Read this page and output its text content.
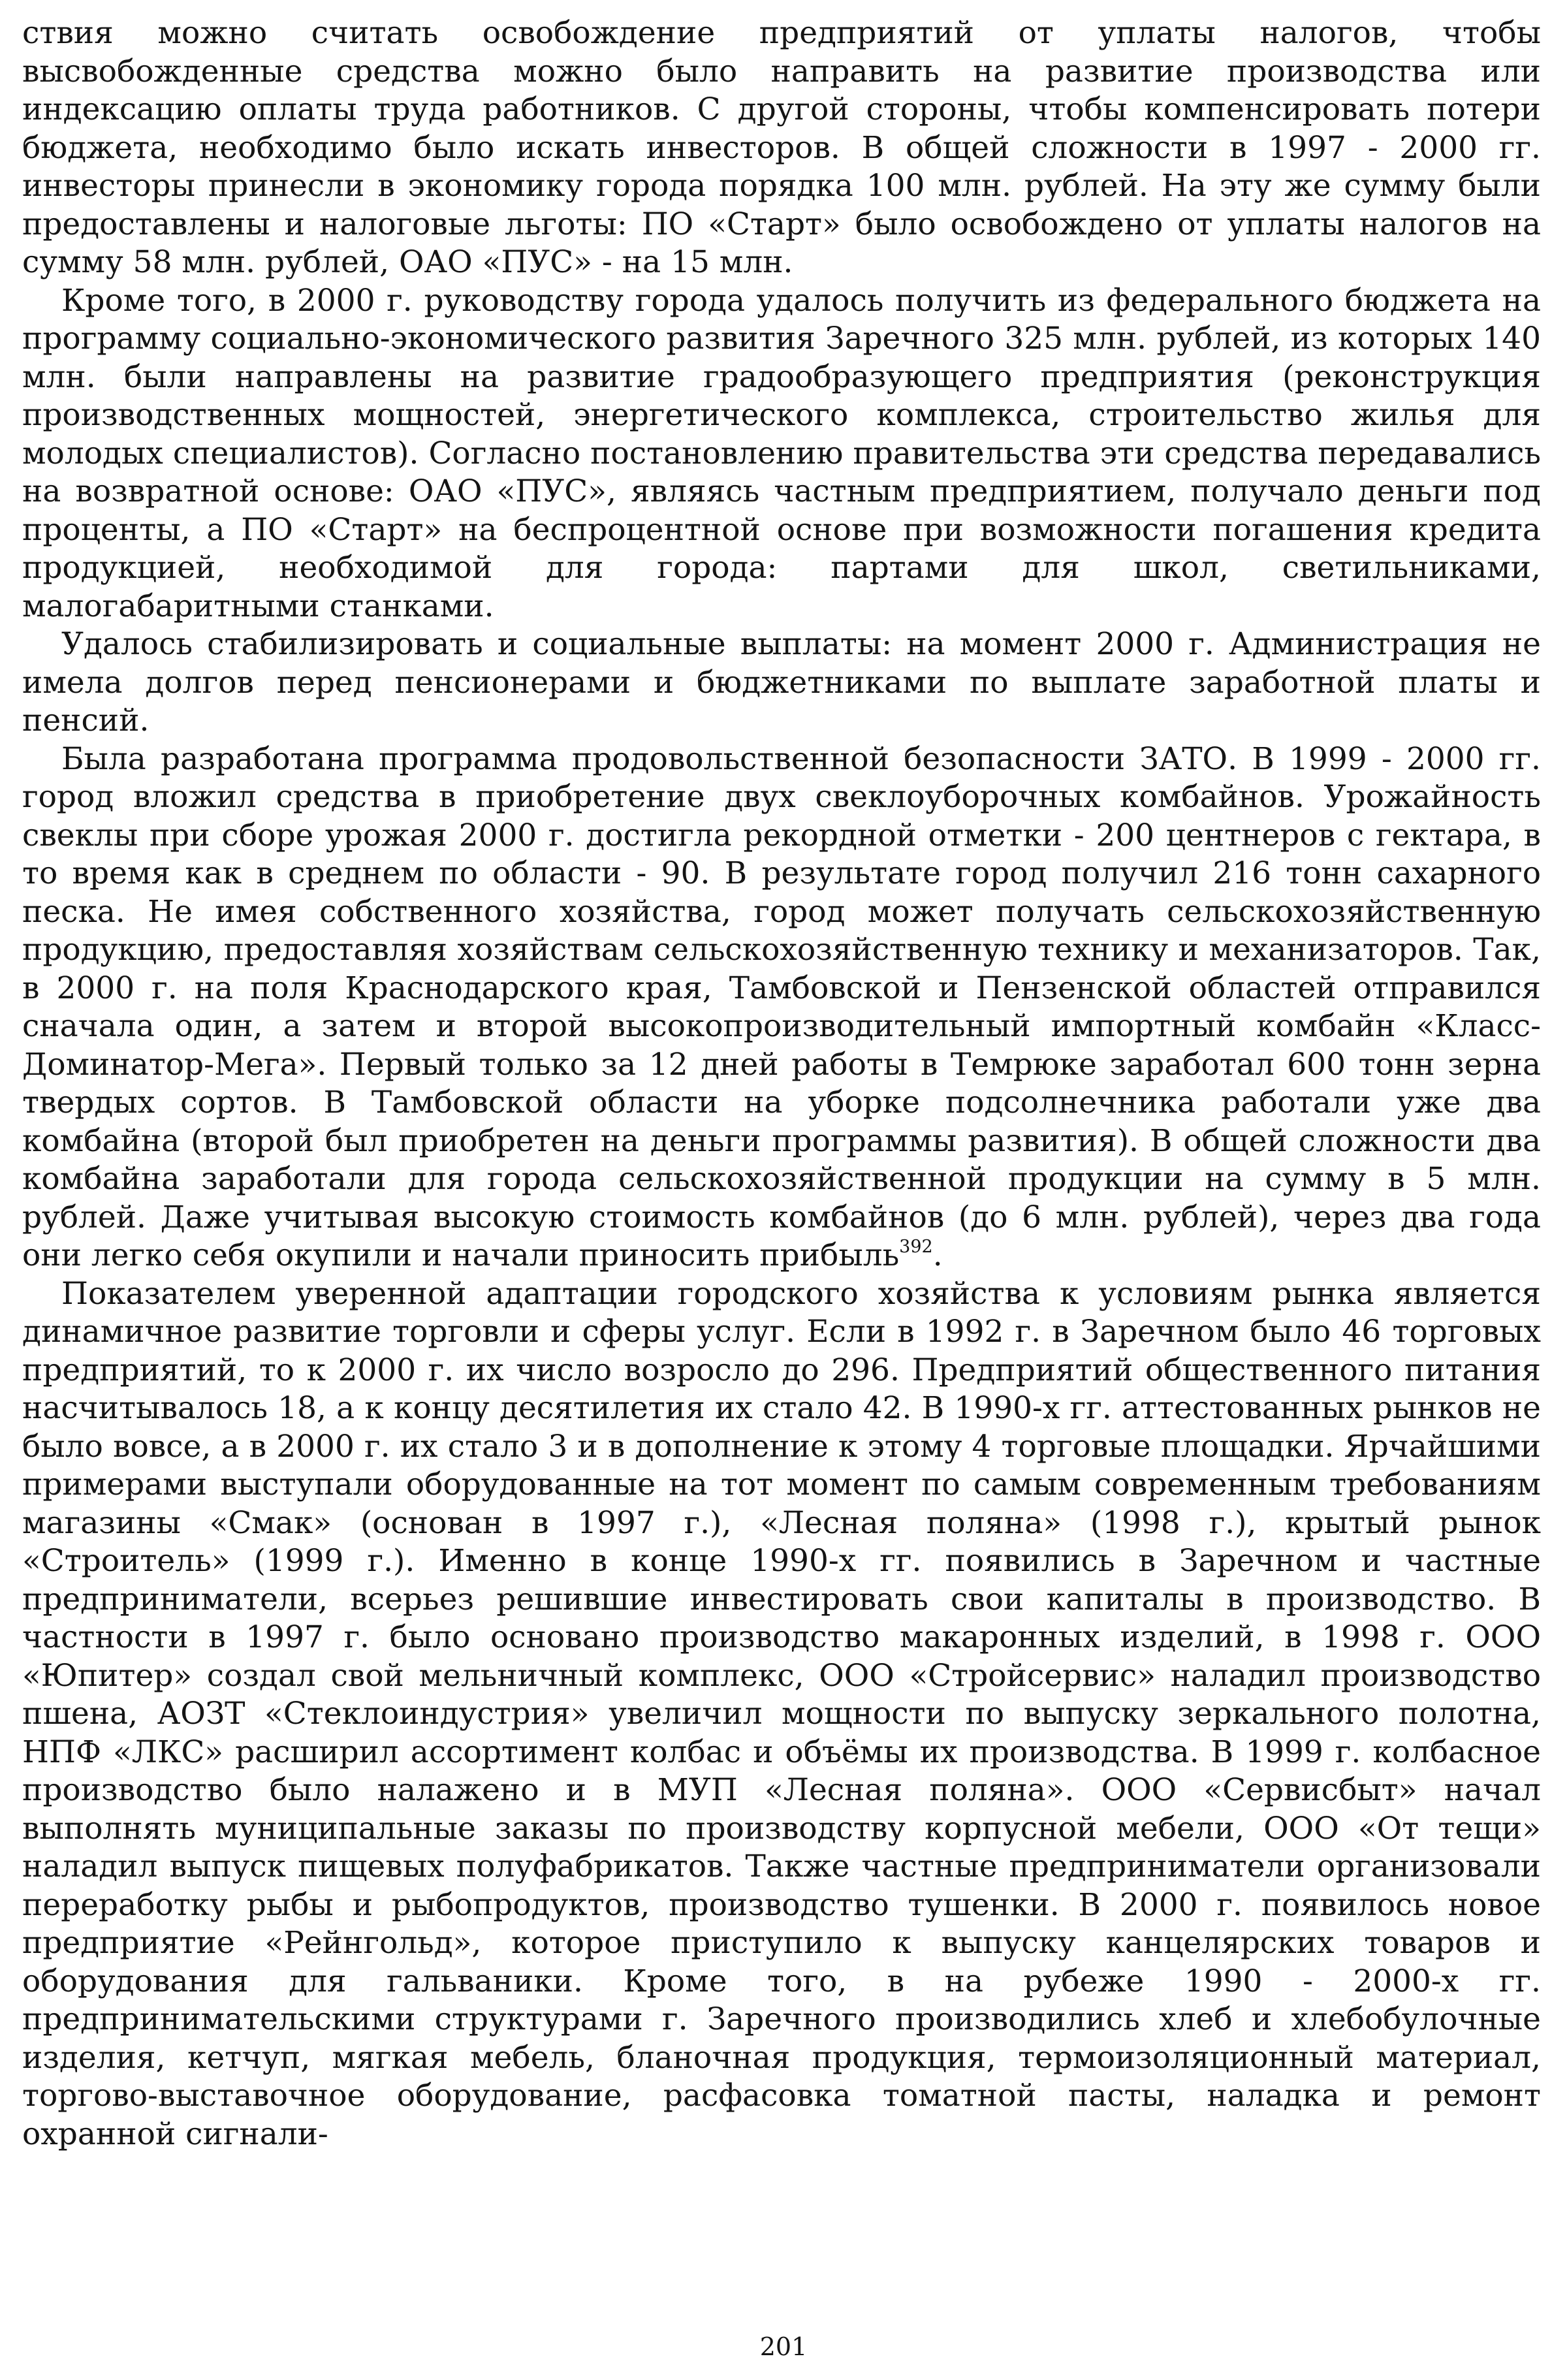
ствия можно считать освобождение предприятий от уплаты налогов, чтобы высвобожденные средства можно было направить на развитие производства или индексацию оплаты труда работников. С другой стороны, чтобы компенсировать потери бюджета, необходимо было искать инвесторов. В общей сложности в 1997 - 2000 гг. инвесторы принесли в экономику города порядка 100 млн. рублей. На эту же сумму были предоставлены и налоговые льготы: ПО «Старт» было освобождено от уплаты налогов на сумму 58 млн. рублей, ОАО «ПУС» - на 15 млн.

Кроме того, в 2000 г. руководству города удалось получить из федерального бюджета на программу социально-экономического развития Заречного 325 млн. рублей, из которых 140 млн. были направлены на развитие градообразующего предприятия (реконструкция производственных мощностей, энергетического комплекса, строительство жилья для молодых специалистов). Согласно постановлению правительства эти средства передавались на возвратной основе: ОАО «ПУС», являясь частным предприятием, получало деньги под проценты, а ПО «Старт» на беспроцентной основе при возможности погашения кредита продукцией, необходимой для города: партами для школ, светильниками, малогабаритными станками.

Удалось стабилизировать и социальные выплаты: на момент 2000 г. Администрация не имела долгов перед пенсионерами и бюджетниками по выплате заработной платы и пенсий.

Была разработана программа продовольственной безопасности ЗАТО. В 1999 - 2000 гг. город вложил средства в приобретение двух свеклоуборочных комбайнов. Урожайность свеклы при сборе урожая 2000 г. достигла рекордной отметки - 200 центнеров с гектара, в то время как в среднем по области - 90. В результате город получил 216 тонн сахарного песка. Не имея собственного хозяйства, город может получать сельскохозяйственную продукцию, предоставляя хозяйствам сельскохозяйственную технику и механизаторов. Так, в 2000 г. на поля Краснодарского края, Тамбовской и Пензенской областей отправился сначала один, а затем и второй высокопроизводительный импортный комбайн «Класс-Доминатор-Мега». Первый только за 12 дней работы в Темрюке заработал 600 тонн зерна твердых сортов. В Тамбовской области на уборке подсолнечника работали уже два комбайна (второй был приобретен на деньги программы развития). В общей сложности два комбайна заработали для города сельскохозяйственной продукции на сумму в 5 млн. рублей. Даже учитывая высокую стоимость комбайнов (до 6 млн. рублей), через два года они легко себя окупили и начали приносить прибыль$^{392}$.

Показателем уверенной адаптации городского хозяйства к условиям рынка является динамичное развитие торговли и сферы услуг. Если в 1992 г. в Заречном было 46 торговых предприятий, то к 2000 г. их число возросло до 296. Предприятий общественного питания насчитывалось 18, а к концу десятилетия их стало 42. В 1990-х гг. аттестованных рынков не было вовсе, а в 2000 г. их стало 3 и в дополнение к этому 4 торговые площадки. Ярчайшими примерами выступали оборудованные на тот момент по самым современным требованиям магазины «Смак» (основан в 1997 г.), «Лесная поляна» (1998 г.), крытый рынок «Строитель» (1999 г.). Именно в конце 1990-х гг. появились в Заречном и частные предприниматели, всерьез решившие инвестировать свои капиталы в производство. В частности в 1997 г. было основано производство макаронных изделий, в 1998 г. ООО «Юпитер» создал свой мельничный комплекс, ООО «Стройсервис» наладил производство пшена, АОЗТ «Стеклоиндустрия» увеличил мощности по выпуску зеркального полотна, НПФ «ЛКС» расширил ассортимент колбас и объёмы их производства. В 1999 г. колбасное производство было налажено и в МУП «Лесная поляна». ООО «Сервисбыт» начал выполнять муниципальные заказы по производству корпусной мебели, ООО «От тещи» наладил выпуск пищевых полуфабрикатов. Также частные предприниматели организовали переработку рыбы и рыбопродуктов, производство тушенки. В 2000 г. появилось новое предприятие «Рейнгольд», которое приступило к выпуску канцелярских товаров и оборудования для гальваники. Кроме того, в на рубеже 1990 - 2000-х гг. предпринимательскими структурами г. Заречного производились хлеб и хлебобулочные изделия, кетчуп, мягкая мебель, бланочная продукция, термоизоляционный материал, торгово-выставочное оборудование, расфасовка томатной пасты, наладка и ремонт охранной сигнали-

201
